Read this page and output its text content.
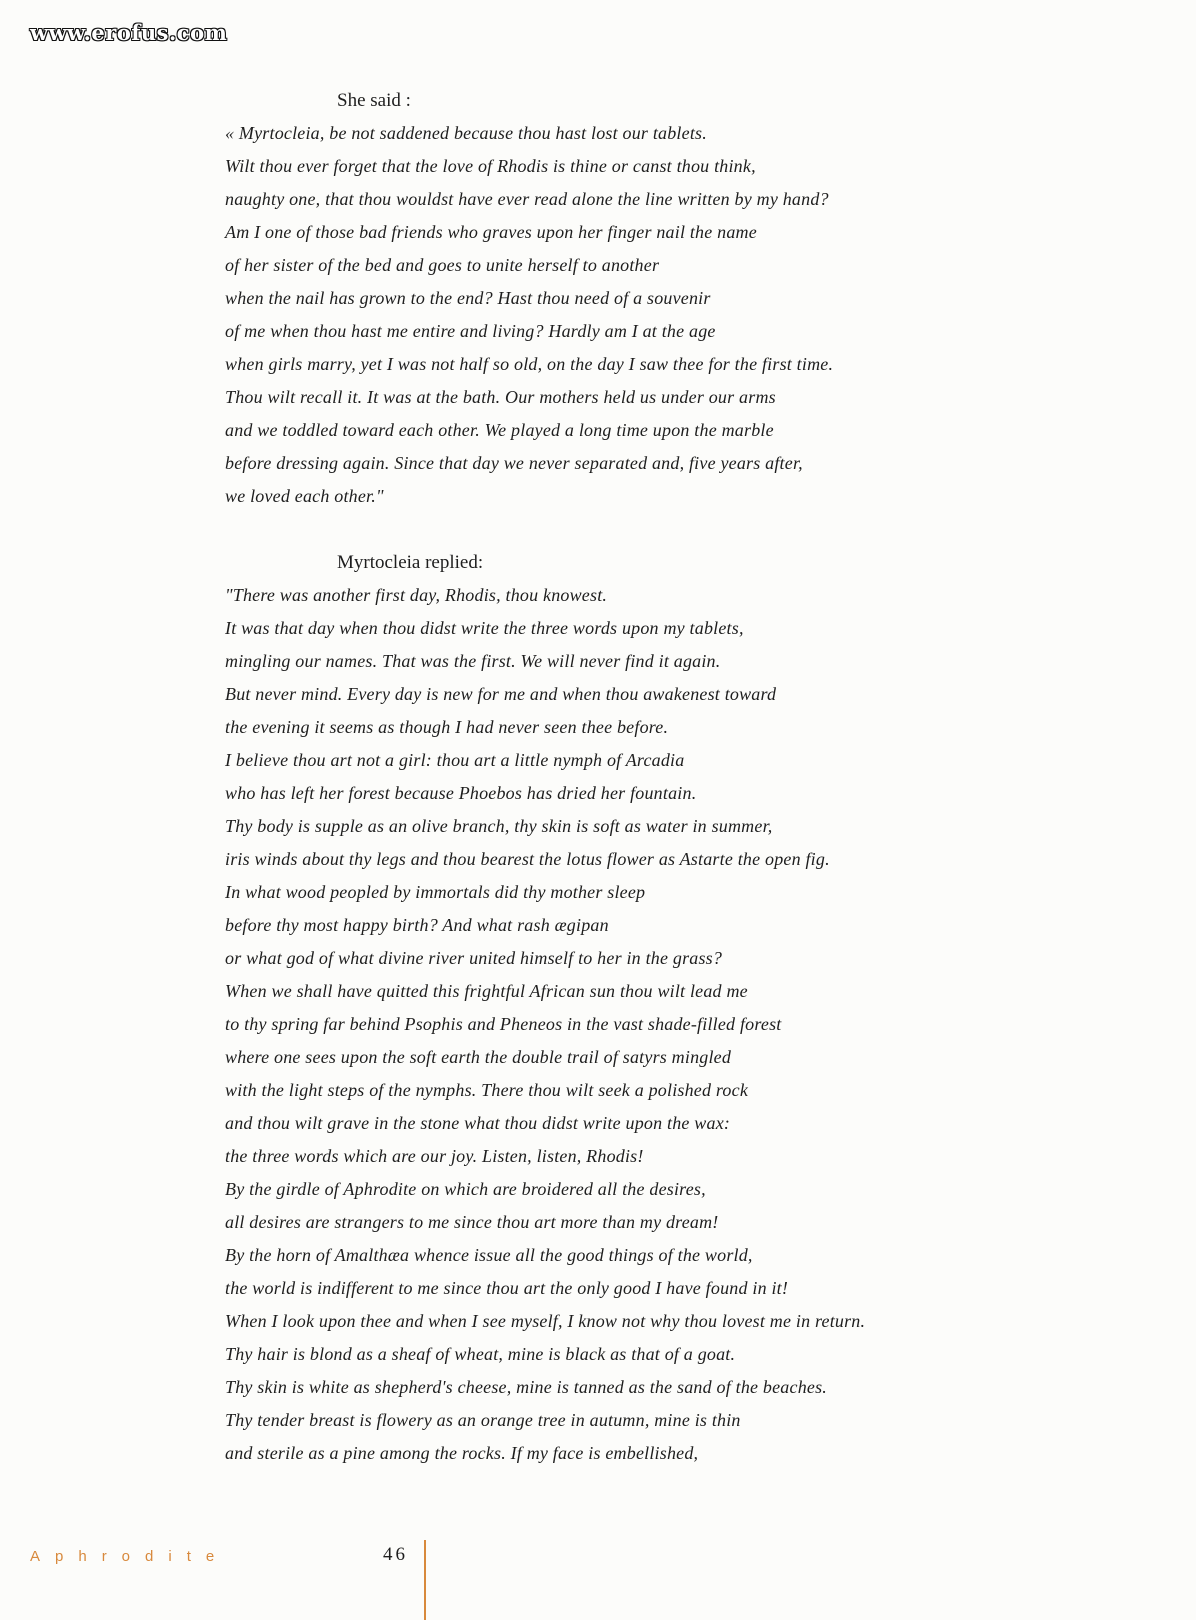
www.erofus.com
She said :
« Myrtocleia, be not saddened because thou hast lost our tablets.
Wilt thou ever forget that the love of Rhodis is thine or canst thou think,
naughty one, that thou wouldst have ever read alone the line written by my hand?
Am I one of those bad friends who graves upon her finger nail the name
of her sister of the bed and goes to unite herself to another
when the nail has grown to the end? Hast thou need of a souvenir
of me when thou hast me entire and living? Hardly am I at the age
when girls marry, yet I was not half so old, on the day I saw thee for the first time.
Thou wilt recall it. It was at the bath. Our mothers held us under our arms
and we toddled toward each other. We played a long time upon the marble
before dressing again. Since that day we never separated and, five years after,
we loved each other."
Myrtocleia replied:
"There was another first day, Rhodis, thou knowest.
It was that day when thou didst write the three words upon my tablets,
mingling our names. That was the first. We will never find it again.
But never mind. Every day is new for me and when thou awakenest toward
the evening it seems as though I had never seen thee before.
I believe thou art not a girl: thou art a little nymph of Arcadia
who has left her forest because Phoebos has dried her fountain.
Thy body is supple as an olive branch, thy skin is soft as water in summer,
iris winds about thy legs and thou bearest the lotus flower as Astarte the open fig.
In what wood peopled by immortals did thy mother sleep
before thy most happy birth? And what rash ægipan
or what god of what divine river united himself to her in the grass?
When we shall have quitted this frightful African sun thou wilt lead me
to thy spring far behind Psophis and Pheneos in the vast shade-filled forest
where one sees upon the soft earth the double trail of satyrs mingled
with the light steps of the nymphs. There thou wilt seek a polished rock
and thou wilt grave in the stone what thou didst write upon the wax:
the three words which are our joy. Listen, listen, Rhodis!
By the girdle of Aphrodite on which are broidered all the desires,
all desires are strangers to me since thou art more than my dream!
By the horn of Amalthæa whence issue all the good things of the world,
the world is indifferent to me since thou art the only good I have found in it!
When I look upon thee and when I see myself, I know not why thou lovest me in return.
Thy hair is blond as a sheaf of wheat, mine is black as that of a goat.
Thy skin is white as shepherd's cheese, mine is tanned as the sand of the beaches.
Thy tender breast is flowery as an orange tree in autumn, mine is thin
and sterile as a pine among the rocks. If my face is embellished,
Aphrodite	46
